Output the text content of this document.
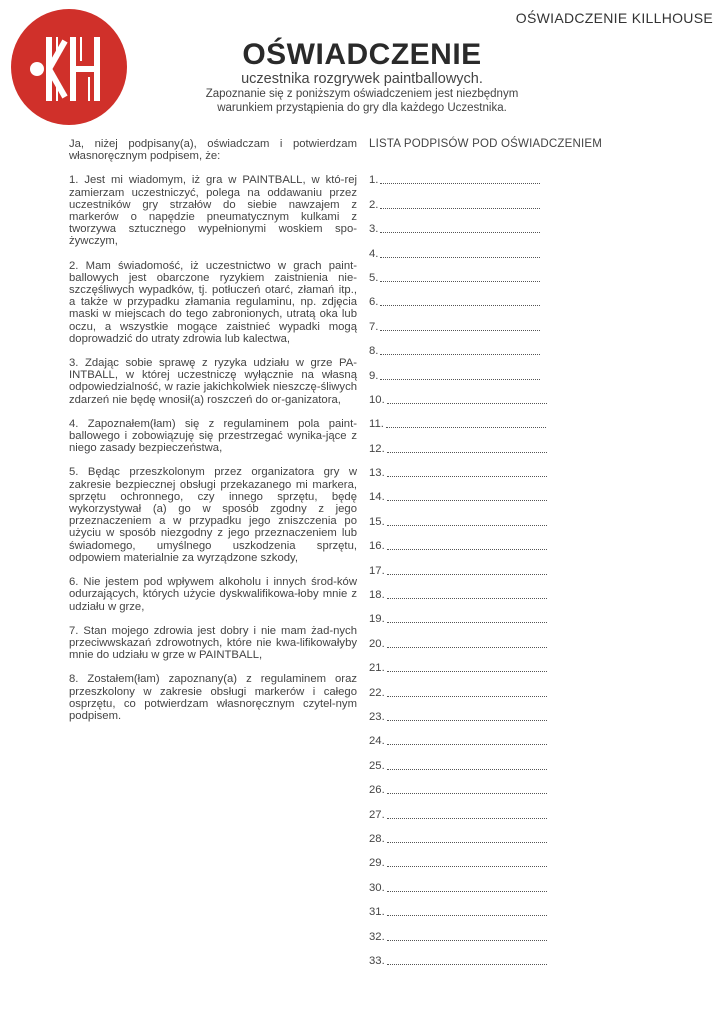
OŚWIADCZENIE KILLHOUSE
OŚWIADCZENIE
uczestnika rozgrywek paintballowych.
Zapoznanie się z poniższym oświadczeniem jest niezbędnym
warunkiem przystąpienia do gry dla każdego Uczestnika.

Ja, niżej podpisany(a), oświadczam i potwierdzam własnoręcznym podpisem, że:

1. Jest mi wiadomym, iż gra w PAINTBALL, w któ-rej zamierzam uczestniczyć, polega na oddawaniu przez uczestników gry strzałów do siebie nawzajem z markerów o napędzie pneumatycznym kulkami z tworzywa sztucznego wypełnionymi woskiem spo-żywczym,

2. Mam świadomość, iż uczestnictwo w grach paint-ballowych jest obarczone ryzykiem zaistnienia nie-szczęśliwych wypadków, tj. potłuczeń otarć, złamań itp., a także w przypadku złamania regulaminu, np. zdjęcia maski w miejscach do tego zabronionych, utratą oka lub oczu, a wszystkie mogące zaistnieć wypadki mogą doprowadzić do utraty zdrowia lub kalectwa,

3. Zdając sobie sprawę z ryzyka udziału w grze PA-INTBALL, w której uczestniczę wyłącznie na własną odpowiedzialność, w razie jakichkolwiek nieszczę-śliwych zdarzeń nie będę wnosił(a) roszczeń do or-ganizatora,

4. Zapoznałem(łam) się z regulaminem pola paint-ballowego i zobowiązuję się przestrzegać wynika-jące z niego zasady bezpieczeństwa,

5. Będąc przeszkolonym przez organizatora gry w zakresie bezpiecznej obsługi przekazanego mi markera, sprzętu ochronnego, czy innego sprzętu, będę wykorzystywał (a) go w sposób zgodny z jego przeznaczeniem a w przypadku jego zniszczenia po użyciu w sposób niezgodny z jego przeznaczeniem lub świadomego, umyślnego uszkodzenia sprzętu, odpowiem materialnie za wyrządzone szkody,

6. Nie jestem pod wpływem alkoholu i innych środ-ków odurzających, których użycie dyskwalifikowa-łoby mnie z udziału w grze,

7. Stan mojego zdrowia jest dobry i nie mam żad-nych przeciwwskazań zdrowotnych, które nie kwa-lifikowałyby mnie do udziału w grze w PAINTBALL,

8. Zostałem(łam) zapoznany(a) z regulaminem oraz przeszkolony w zakresie obsługi markerów i całego osprzętu, co potwierdzam własnoręcznym czytel-nym podpisem.

LISTA PODPISÓW POD OŚWIADCZENIEM
1.
2.
3.
4.
5.
6.
7.
8.
9.
10.
11.
12.
13.
14.
15.
16.
17.
18.
19.
20.
21.
22.
23.
24.
25.
26.
27.
28.
29.
30.
31.
32.
33.
